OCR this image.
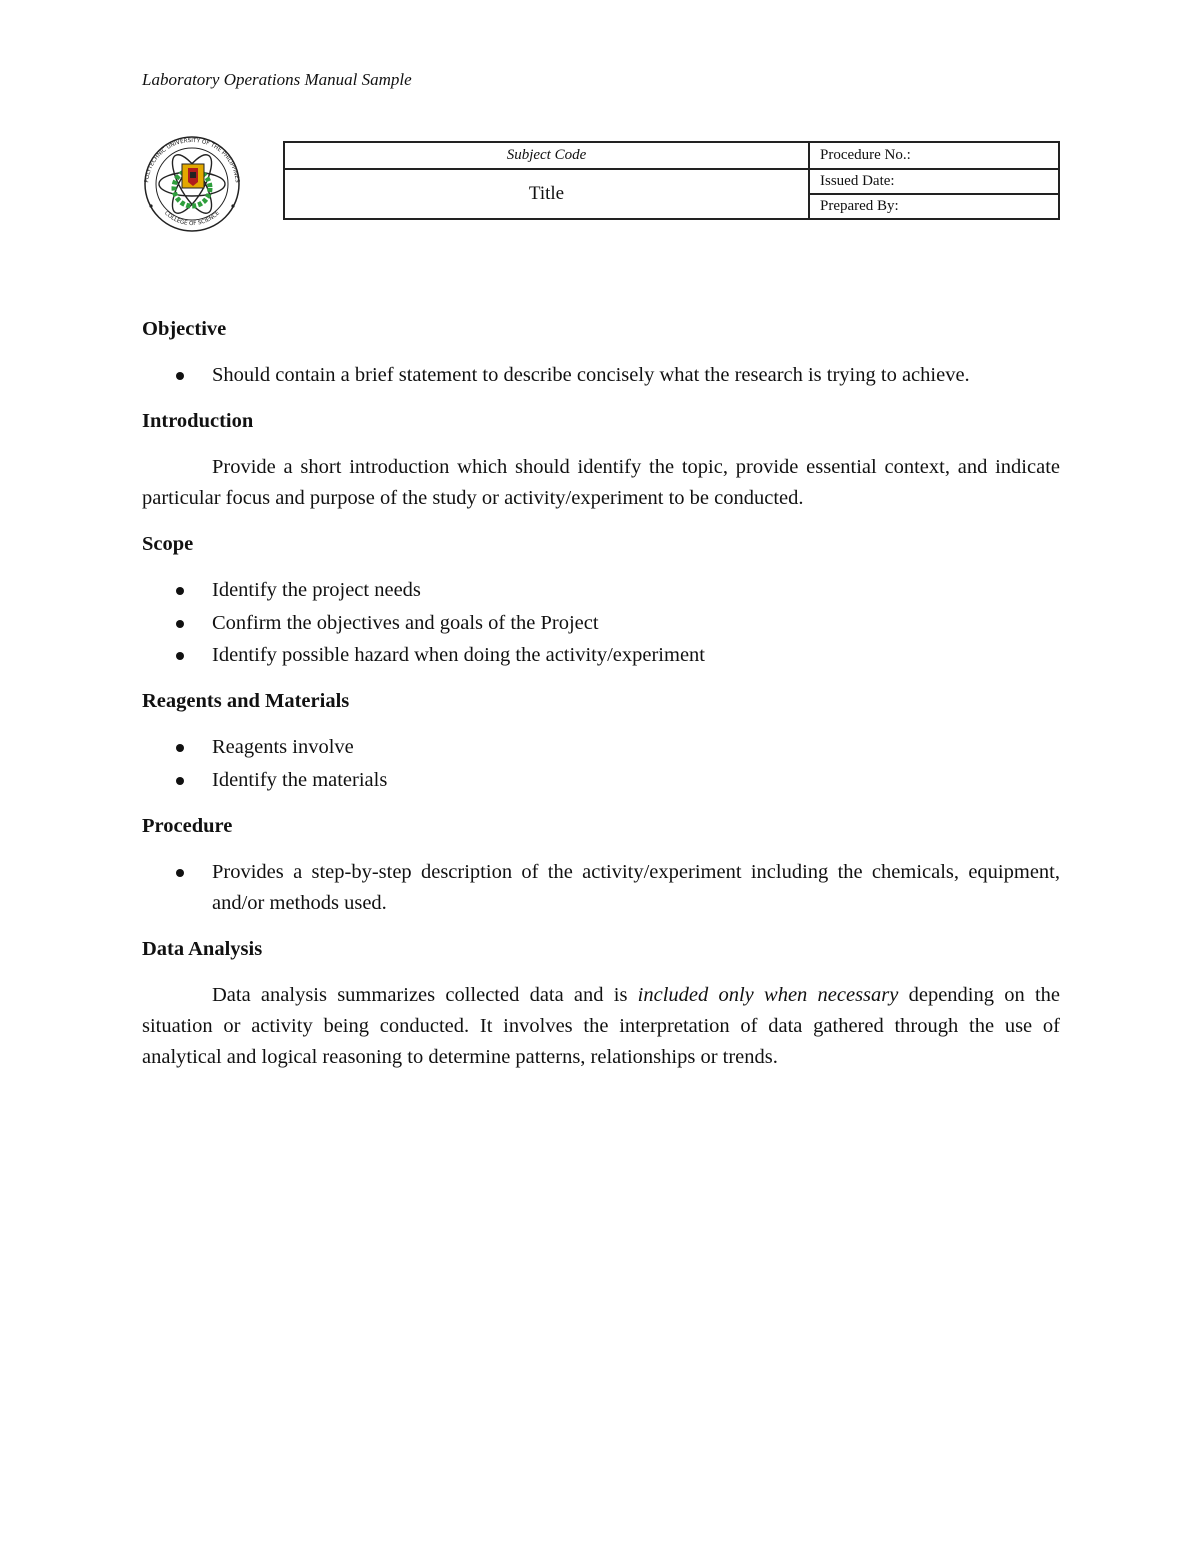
Laboratory Operations Manual Sample
POLYTECHNIC UNIVERSITY OF THE PHILIPPINES
COLLEGE OF SCIENCE
Subject Code	Procedure No.:
Title	Issued Date:
	Prepared By:
Objective
Should contain a brief statement to describe concisely what the research is trying to achieve.
Introduction

Provide a short introduction which should identify the topic, provide essential context, and indicate particular focus and purpose of the study or activity/experiment to be conducted.

Scope
Identify the project needs
Confirm the objectives and goals of the Project
Identify possible hazard when doing the activity/experiment
Reagents and Materials
Reagents involve
Identify the materials
Procedure
Provides a step-by-step description of the activity/experiment including the chemicals, equipment, and/or methods used.
Data Analysis

Data analysis summarizes collected data and is included only when necessary depending on the situation or activity being conducted. It involves the interpretation of data gathered through the use of analytical and logical reasoning to determine patterns, relationships or trends.
